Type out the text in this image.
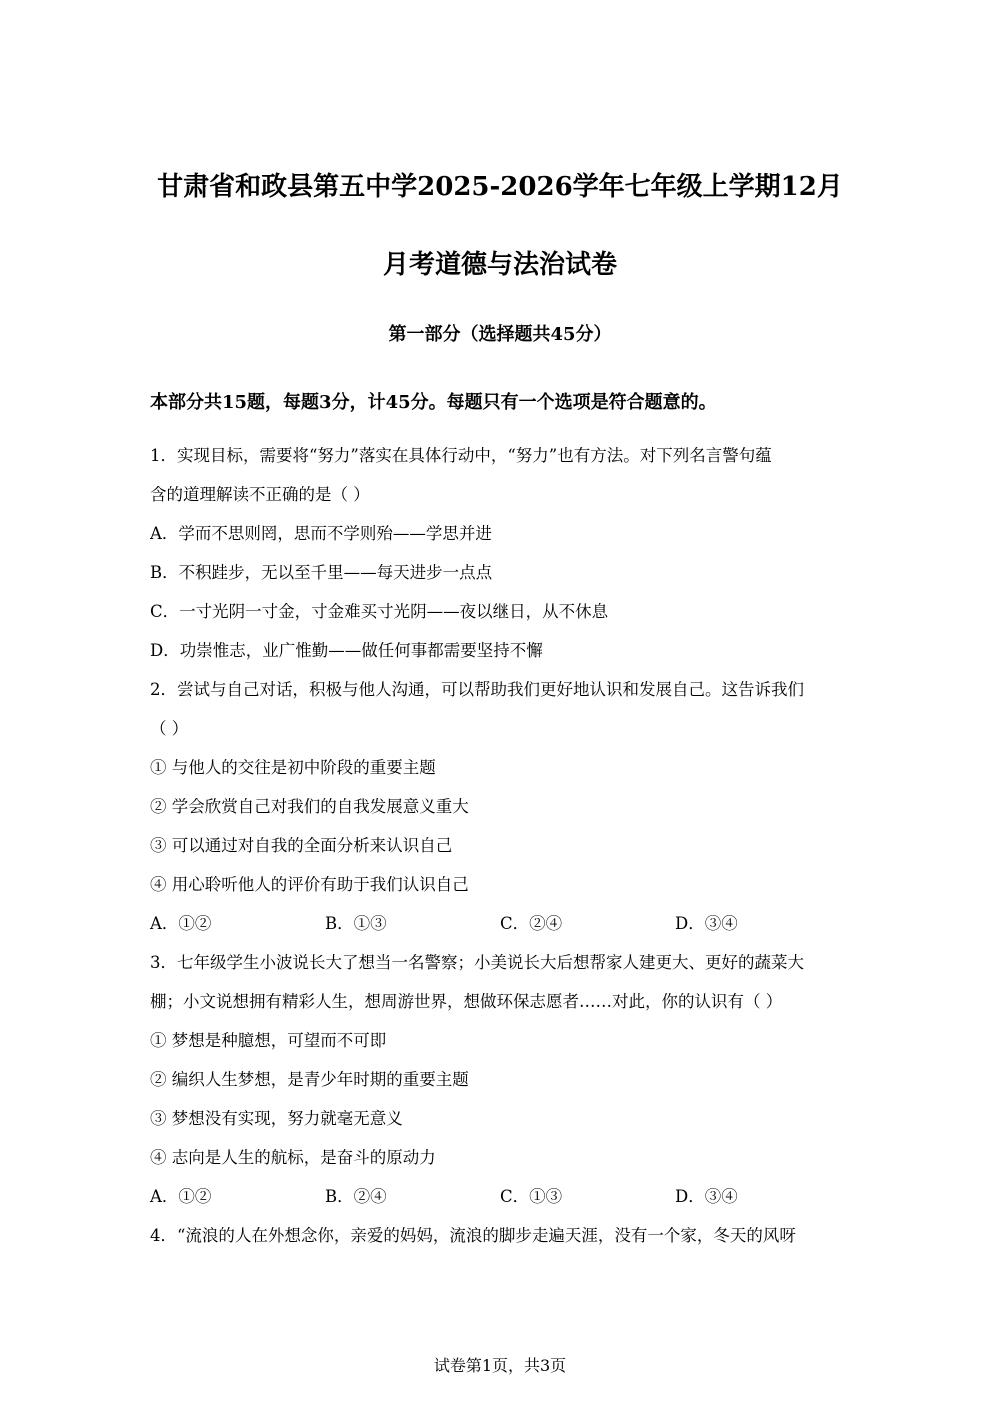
甘肃省和政县第五中学2025-2026学年七年级上学期12月
月考道德与法治试卷
第一部分（选择题共45分）
本部分共15题，每题3分，计45分。每题只有一个选项是符合题意的。
1．实现目标，需要将“努力”落实在具体行动中，“努力”也有方法。对下列名言警句蕴
含的道理解读不正确的是（ ）
A．学而不思则罔，思而不学则殆——学思并进
B．不积跬步，无以至千里——每天进步一点点
C．一寸光阴一寸金，寸金难买寸光阴——夜以继日，从不休息
D．功崇惟志，业广惟勤——做任何事都需要坚持不懈
2．尝试与自己对话，积极与他人沟通，可以帮助我们更好地认识和发展自己。这告诉我们
（ ）
① 与他人的交往是初中阶段的重要主题
② 学会欣赏自己对我们的自我发展意义重大
③ 可以通过对自我的全面分析来认识自己
④ 用心聆听他人的评价有助于我们认识自己
A．①②	B．①③	C．②④	D．③④
3．七年级学生小波说长大了想当一名警察；小美说长大后想帮家人建更大、更好的蔬菜大
棚；小文说想拥有精彩人生，想周游世界，想做环保志愿者……对此，你的认识有（ ）
① 梦想是种臆想，可望而不可即
② 编织人生梦想，是青少年时期的重要主题
③ 梦想没有实现，努力就毫无意义
④ 志向是人生的航标，是奋斗的原动力
A．①②	B．②④	C．①③	D．③④
4．“流浪的人在外想念你，亲爱的妈妈，流浪的脚步走遍天涯，没有一个家，冬天的风呀
试卷第1页，共3页
